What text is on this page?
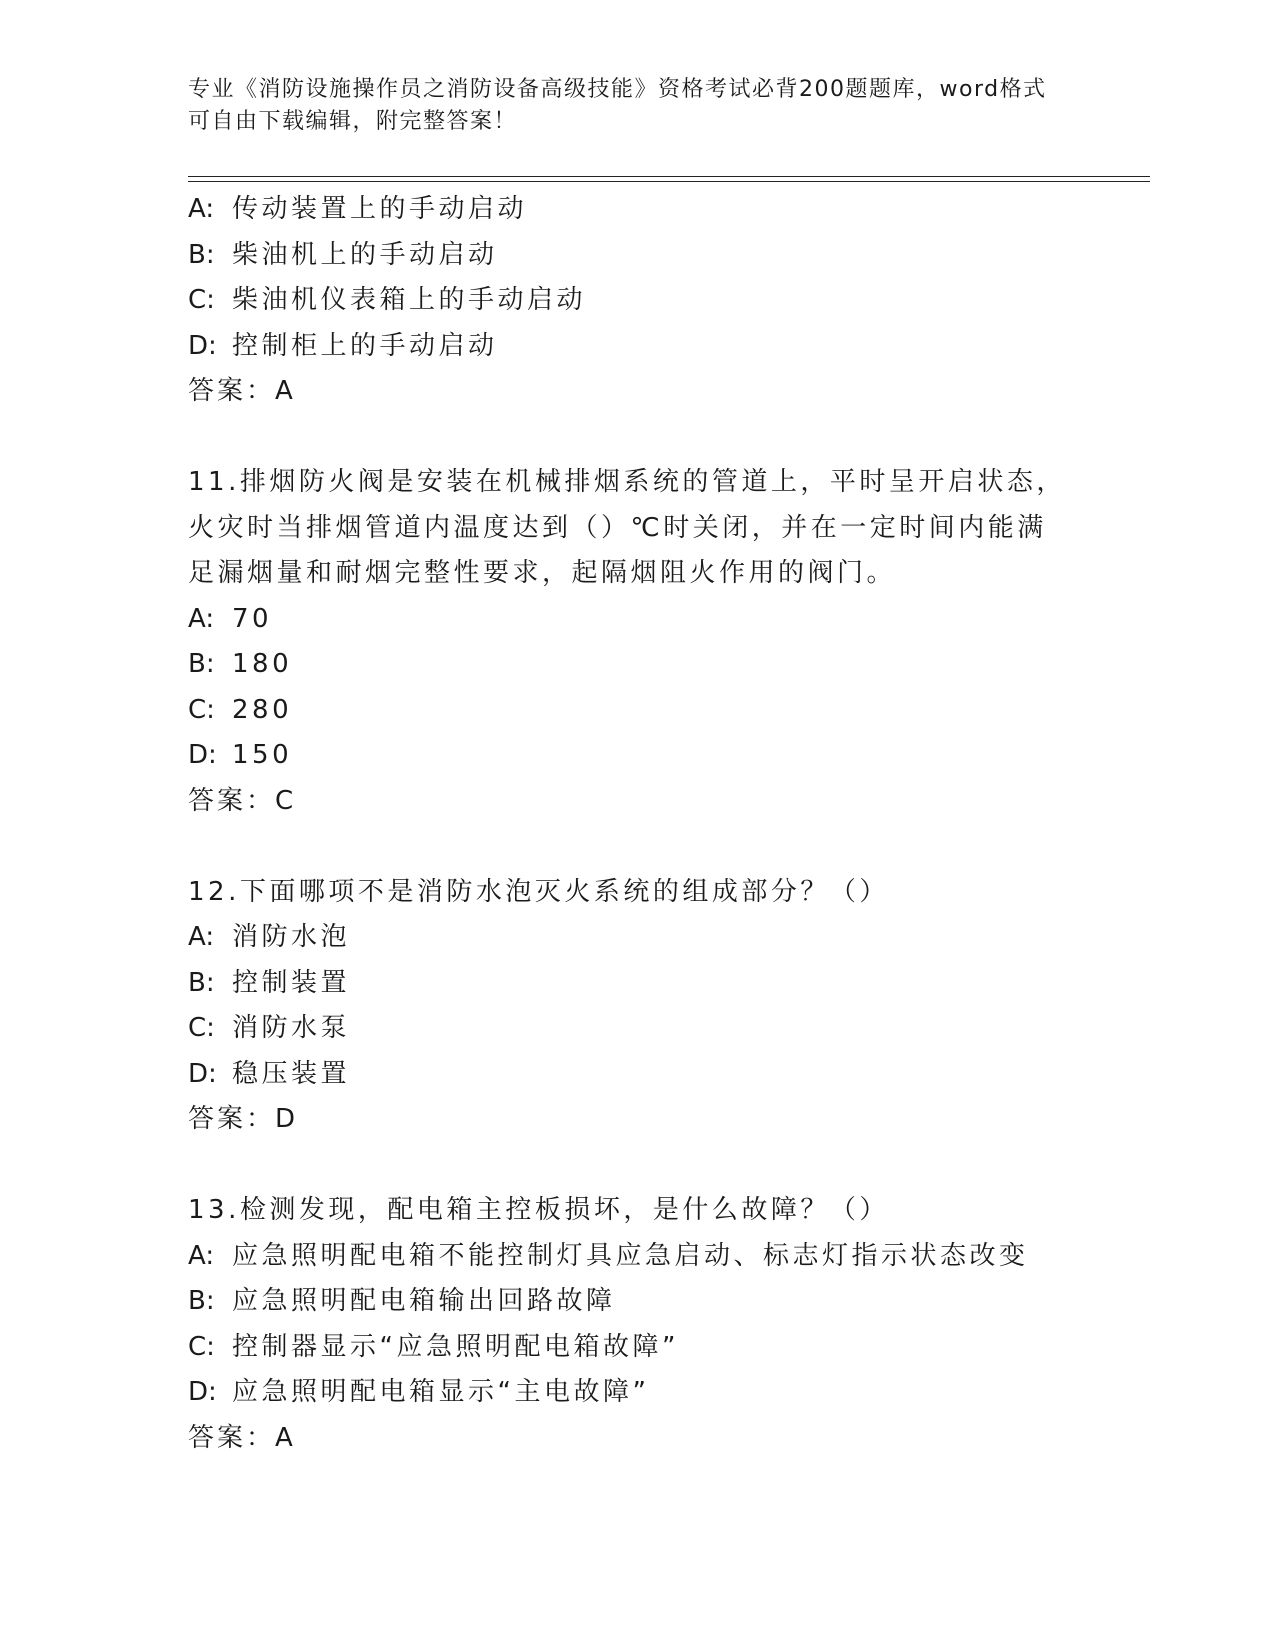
专业《消防设施操作员之消防设备高级技能》资格考试必背200题题库，word格式可自由下载编辑，附完整答案！
A: 传动装置上的手动启动
B: 柴油机上的手动启动
C: 柴油机仪表箱上的手动启动
D: 控制柜上的手动启动
答案：A
11.排烟防火阀是安装在机械排烟系统的管道上，平时呈开启状态，火灾时当排烟管道内温度达到（）℃时关闭，并在一定时间内能满足漏烟量和耐烟完整性要求，起隔烟阻火作用的阀门。
A: 70
B: 180
C: 280
D: 150
答案：C
12.下面哪项不是消防水泡灭火系统的组成部分？（）
A: 消防水泡
B: 控制装置
C: 消防水泵
D: 稳压装置
答案：D
13.检测发现，配电箱主控板损坏，是什么故障？（）
A: 应急照明配电箱不能控制灯具应急启动、标志灯指示状态改变
B: 应急照明配电箱输出回路故障
C: 控制器显示“应急照明配电箱故障”
D: 应急照明配电箱显示“主电故障”
答案：A
